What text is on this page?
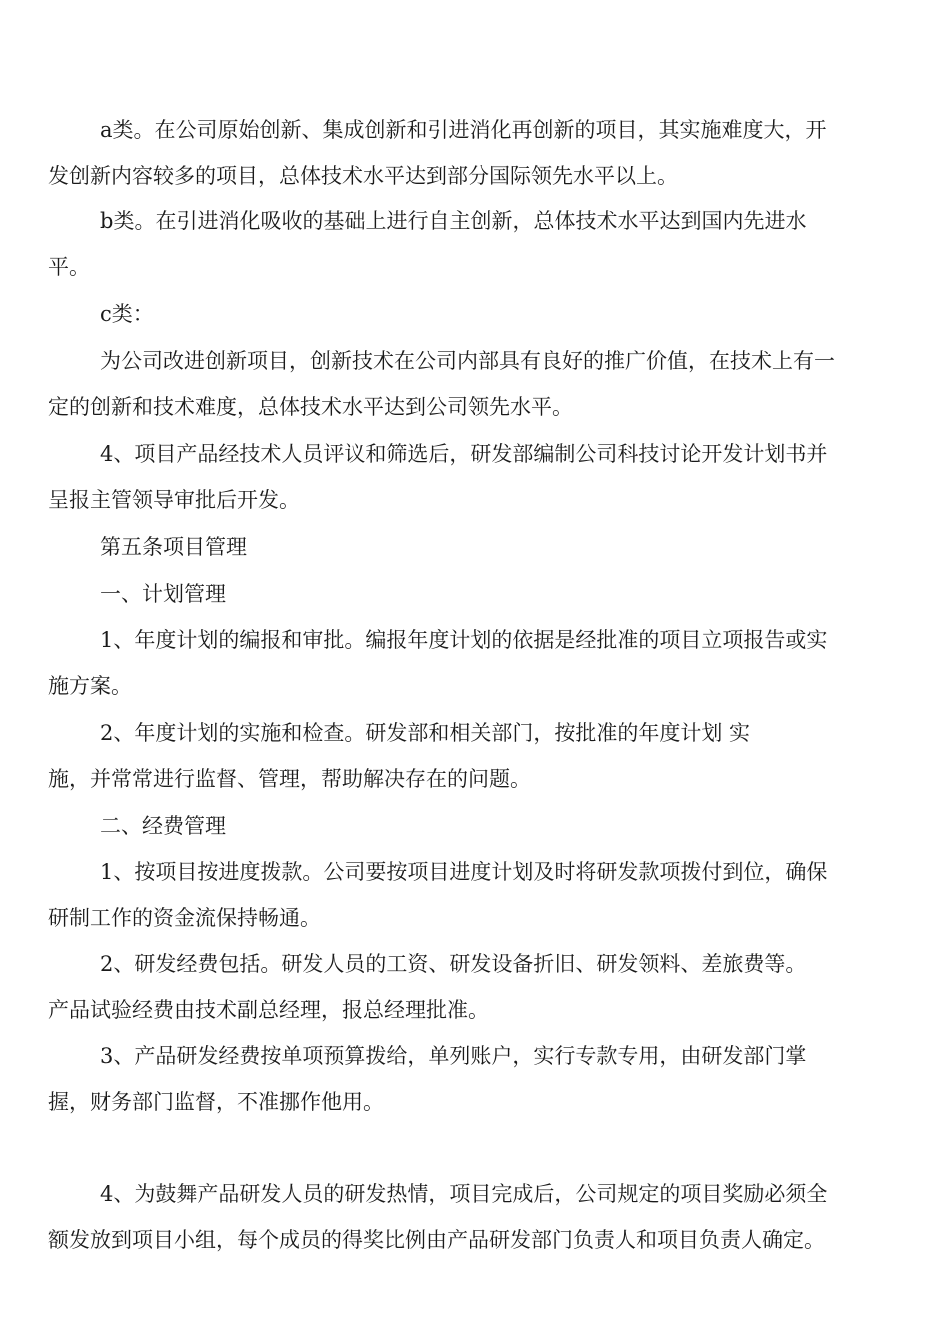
a类。在公司原始创新、集成创新和引进消化再创新的项目，其实施难度大，开
发创新内容较多的项目，总体技术水平达到部分国际领先水平以上。
b类。在引进消化吸收的基础上进行自主创新，总体技术水平达到国内先进水
平。
c类：
为公司改进创新项目，创新技术在公司内部具有良好的推广价值，在技术上有一
定的创新和技术难度，总体技术水平达到公司领先水平。
4、项目产品经技术人员评议和筛选后，研发部编制公司科技讨论开发计划书并
呈报主管领导审批后开发。
第五条项目管理
一、计划管理
1、年度计划的编报和审批。编报年度计划的依据是经批准的项目立项报告或实
施方案。
2、年度计划的实施和检查。研发部和相关部门，按批准的年度计划 实
施，并常常进行监督、管理，帮助解决存在的问题。
二、经费管理
1、按项目按进度拨款。公司要按项目进度计划及时将研发款项拨付到位，确保
研制工作的资金流保持畅通。
2、研发经费包括。研发人员的工资、研发设备折旧、研发领料、差旅费等。
产品试验经费由技术副总经理，报总经理批准。
3、产品研发经费按单项预算拨给，单列账户，实行专款专用，由研发部门掌
握，财务部门监督，不准挪作他用。
4、为鼓舞产品研发人员的研发热情，项目完成后，公司规定的项目奖励必须全
额发放到项目小组，每个成员的得奖比例由产品研发部门负责人和项目负责人确定。
